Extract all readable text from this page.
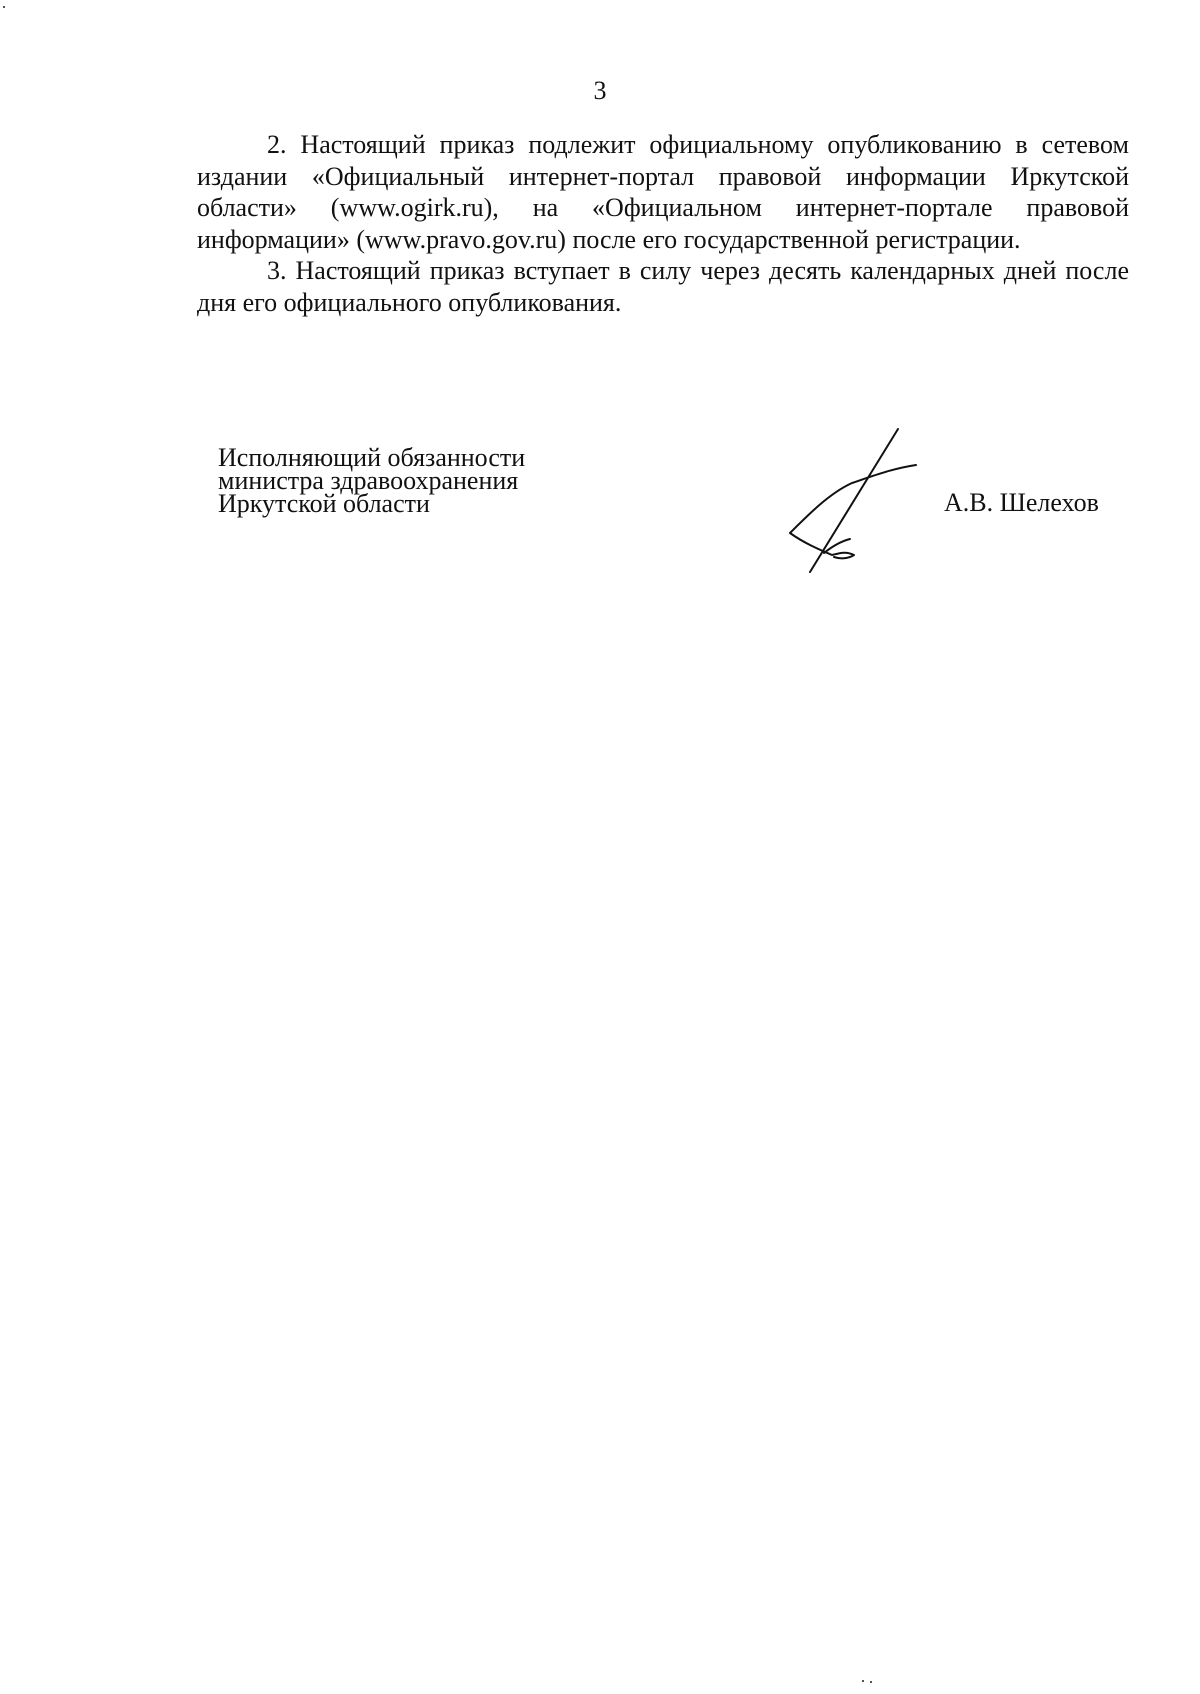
3

2. Настоящий приказ подлежит официальному опубликованию в сетевом издании «Официальный интернет-портал правовой информации Иркутской области» (www.ogirk.ru), на «Официальном интернет-портале правовой информации» (www.pravo.gov.ru) после его государственной регистрации.

3. Настоящий приказ вступает в силу через десять календарных дней после дня его официального опубликования.

Исполняющий обязанности
министра здравоохранения
Иркутской области	А.В. Шелехов
